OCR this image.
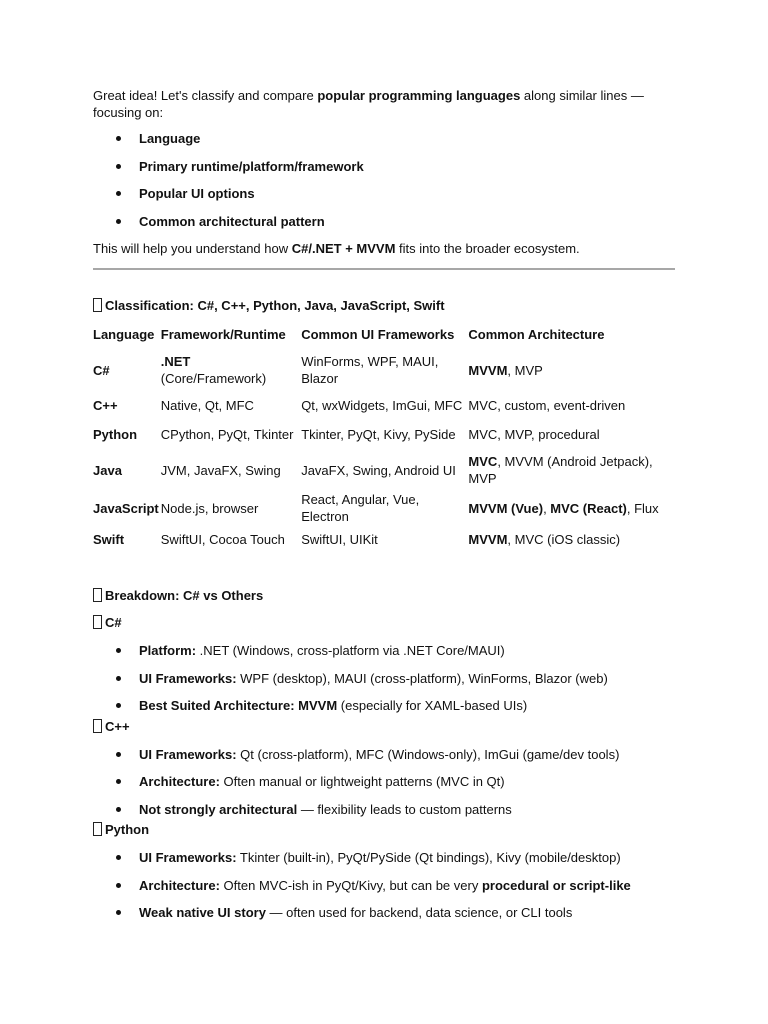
Great idea! Let's classify and compare popular programming languages along similar lines — focusing on:

Language
Primary runtime/platform/framework
Popular UI options
Common architectural pattern

This will help you understand how C#/.NET + MVVM fits into the broader ecosystem.

Classification: C#, C++, Python, Java, JavaScript, Swift
Language	Framework/Runtime	Common UI Frameworks	Common Architecture
C#	.NET (Core/Framework)	WinForms, WPF, MAUI, Blazor	MVVM, MVP
C++	Native, Qt, MFC	Qt, wxWidgets, ImGui, MFC	MVC, custom, event-driven
Python	CPython, PyQt, Tkinter	Tkinter, PyQt, Kivy, PySide	MVC, MVP, procedural
Java	JVM, JavaFX, Swing	JavaFX, Swing, Android UI	MVC, MVVM (Android Jetpack), MVP
JavaScript	Node.js, browser	React, Angular, Vue, Electron	MVVM (Vue), MVC (React), Flux
Swift	SwiftUI, Cocoa Touch	SwiftUI, UIKit	MVVM, MVC (iOS classic)
Breakdown: C# vs Others
C#
Platform: .NET (Windows, cross-platform via .NET Core/MAUI)
UI Frameworks: WPF (desktop), MAUI (cross-platform), WinForms, Blazor (web)
Best Suited Architecture: MVVM (especially for XAML-based UIs)
C++
UI Frameworks: Qt (cross-platform), MFC (Windows-only), ImGui (game/dev tools)
Architecture: Often manual or lightweight patterns (MVC in Qt)
Not strongly architectural — flexibility leads to custom patterns
Python
UI Frameworks: Tkinter (built-in), PyQt/PySide (Qt bindings), Kivy (mobile/desktop)
Architecture: Often MVC-ish in PyQt/Kivy, but can be very procedural or script-like
Weak native UI story — often used for backend, data science, or CLI tools
